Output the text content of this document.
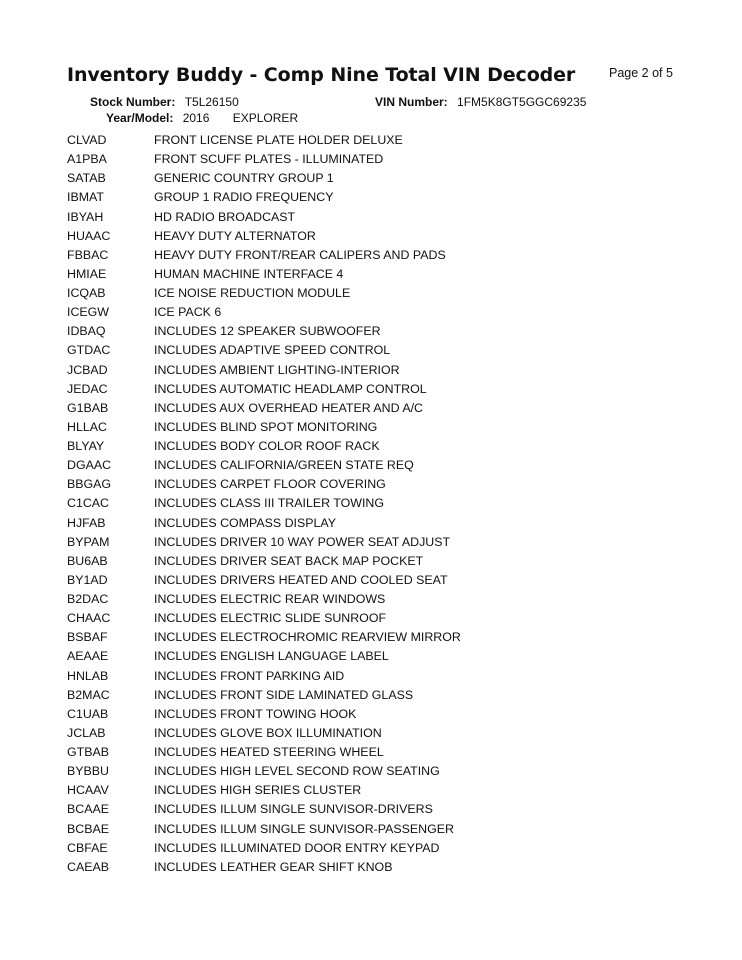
Inventory Buddy - Comp Nine Total VIN Decoder	Page 2 of 5
Stock Number: T5L26150	VIN Number: 1FM5K8GT5GGC69235
Year/Model: 2016 EXPLORER
CLVAD	FRONT LICENSE PLATE HOLDER DELUXE
A1PBA	FRONT SCUFF PLATES - ILLUMINATED
SATAB	GENERIC COUNTRY GROUP 1
IBMAT	GROUP 1 RADIO FREQUENCY
IBYAH	HD RADIO BROADCAST
HUAAC	HEAVY DUTY ALTERNATOR
FBBAC	HEAVY DUTY FRONT/REAR CALIPERS AND PADS
HMIAE	HUMAN MACHINE INTERFACE 4
ICQAB	ICE NOISE REDUCTION MODULE
ICEGW	ICE PACK 6
IDBAQ	INCLUDES 12 SPEAKER SUBWOOFER
GTDAC	INCLUDES ADAPTIVE SPEED CONTROL
JCBAD	INCLUDES AMBIENT LIGHTING-INTERIOR
JEDAC	INCLUDES AUTOMATIC HEADLAMP CONTROL
G1BAB	INCLUDES AUX OVERHEAD HEATER AND A/C
HLLAC	INCLUDES BLIND SPOT MONITORING
BLYAY	INCLUDES BODY COLOR ROOF RACK
DGAAC	INCLUDES CALIFORNIA/GREEN STATE REQ
BBGAG	INCLUDES CARPET FLOOR COVERING
C1CAC	INCLUDES CLASS III TRAILER TOWING
HJFAB	INCLUDES COMPASS DISPLAY
BYPAM	INCLUDES DRIVER 10 WAY POWER SEAT ADJUST
BU6AB	INCLUDES DRIVER SEAT BACK MAP POCKET
BY1AD	INCLUDES DRIVERS HEATED AND COOLED SEAT
B2DAC	INCLUDES ELECTRIC REAR WINDOWS
CHAAC	INCLUDES ELECTRIC SLIDE SUNROOF
BSBAF	INCLUDES ELECTROCHROMIC REARVIEW MIRROR
AEAAE	INCLUDES ENGLISH LANGUAGE LABEL
HNLAB	INCLUDES FRONT PARKING AID
B2MAC	INCLUDES FRONT SIDE LAMINATED GLASS
C1UAB	INCLUDES FRONT TOWING HOOK
JCLAB	INCLUDES GLOVE BOX ILLUMINATION
GTBAB	INCLUDES HEATED STEERING WHEEL
BYBBU	INCLUDES HIGH LEVEL SECOND ROW SEATING
HCAAV	INCLUDES HIGH SERIES CLUSTER
BCAAE	INCLUDES ILLUM SINGLE SUNVISOR-DRIVERS
BCBAE	INCLUDES ILLUM SINGLE SUNVISOR-PASSENGER
CBFAE	INCLUDES ILLUMINATED DOOR ENTRY KEYPAD
CAEAB	INCLUDES LEATHER GEAR SHIFT KNOB
